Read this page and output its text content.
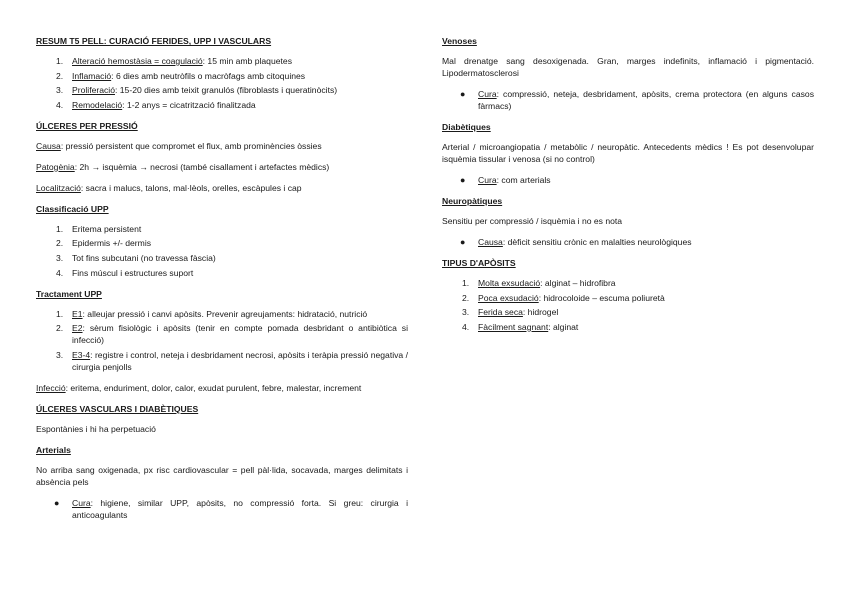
RESUM T5 PELL: CURACIÓ FERIDES, UPP I VASCULARS
1. Alteració hemostàsia = coagulació: 15 min amb plaquetes
2. Inflamació: 6 dies amb neutròfils o macròfags amb citoquines
3. Proliferació: 15-20 dies amb teixit granulós (fibroblasts i queratinòcits)
4. Remodelació: 1-2 anys = cicatrització finalitzada
ÚLCERES PER PRESSIÓ
Causa: pressió persistent que compromet el flux, amb prominències òssies
Patogènia: 2h → isquèmia → necrosi (també cisallament i artefactes mèdics)
Localització: sacra i malucs, talons, mal·lèols, orelles, escàpules i cap
Classificació UPP
1. Eritema persistent
2. Epidermis +/- dermis
3. Tot fins subcutani (no travessa fàscia)
4. Fins múscul i estructures suport
Tractament UPP
1. E1: alleujar pressió i canvi apòsits. Prevenir agreujaments: hidratació, nutrició
2. E2: sèrum fisiològic i apòsits (tenir en compte pomada desbridant o antibiòtica si infecció)
3. E3-4: registre i control, neteja i desbridament necrosi, apòsits i teràpia pressió negativa / cirurgia penjolls
Infecció: eritema, enduriment, dolor, calor, exudat purulent, febre, malestar, increment
ÚLCERES VASCULARS I DIABÈTIQUES
Espontànies i hi ha perpetuació
Arterials
No arriba sang oxigenada, px risc cardiovascular = pell pàl·lida, socavada, marges delimitats i absència pels
● Cura: higiene, similar UPP, apòsits, no compressió forta. Si greu: cirurgia i anticoagulants
Venoses
Mal drenatge sang desoxigenada. Gran, marges indefinits, inflamació i pigmentació. Lipodermatosclerosi
● Cura: compressió, neteja, desbridament, apòsits, crema protectora (en alguns casos fàrmacs)
Diabètiques
Arterial / microangiopatia / metabòlic / neuropàtic. Antecedents mèdics ! Es pot desenvolupar isquèmia tissular i venosa (si no control)
● Cura: com arterials
Neuropàtiques
Sensitiu per compressió / isquèmia i no es nota
● Causa: dèficit sensitiu crònic en malalties neurològiques
TIPUS D'APÒSITS
1. Molta exsudació: alginat – hidrofibra
2. Poca exsudació: hidrocoloide – escuma poliuretà
3. Ferida seca: hidrogel
4. Fàcilment sagnant: alginat
